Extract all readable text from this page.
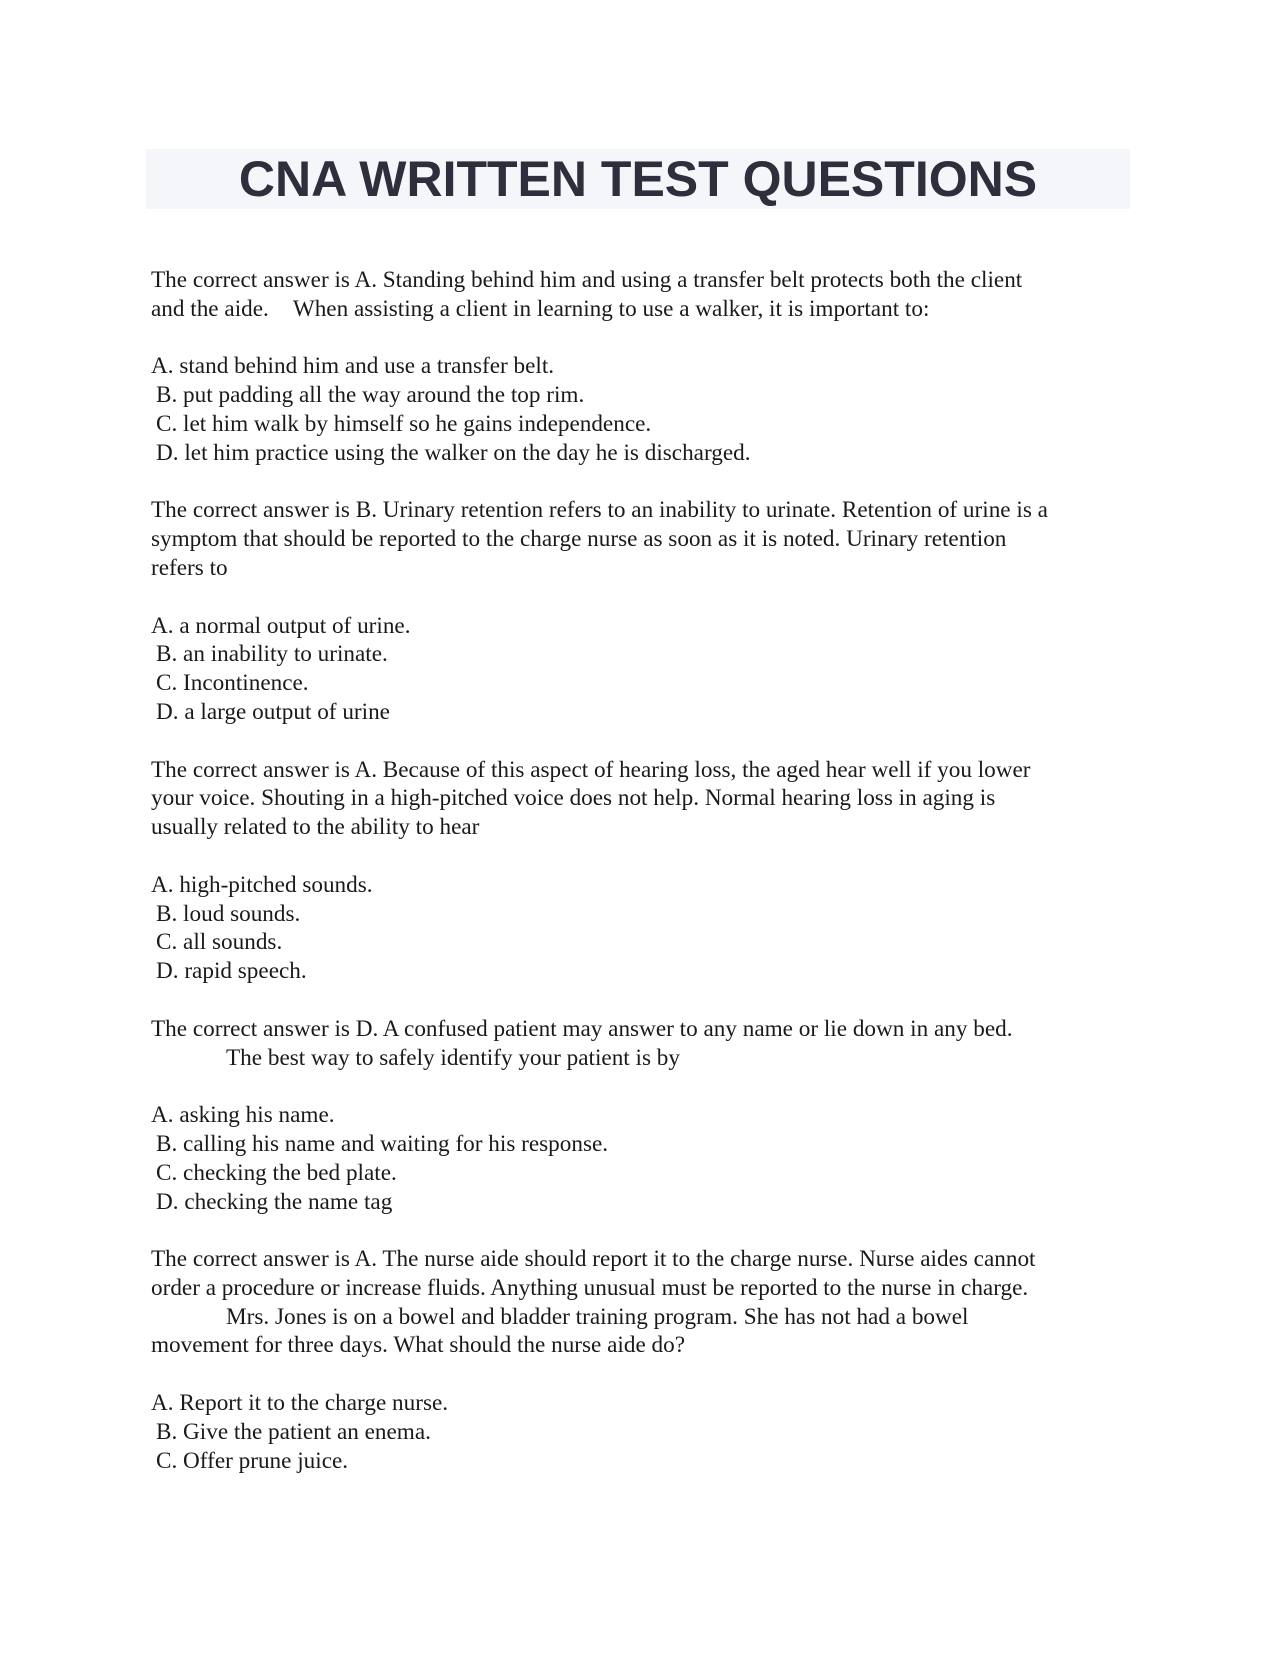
CNA WRITTEN TEST QUESTIONS
The correct answer is A. Standing behind him and using a transfer belt protects both the client
and the aide. When assisting a client in learning to use a walker, it is important to:
A. stand behind him and use a transfer belt.
B. put padding all the way around the top rim.
C. let him walk by himself so he gains independence.
D. let him practice using the walker on the day he is discharged.
The correct answer is B. Urinary retention refers to an inability to urinate. Retention of urine is a
symptom that should be reported to the charge nurse as soon as it is noted. Urinary retention
refers to
A. a normal output of urine.
B. an inability to urinate.
C. Incontinence.
D. a large output of urine
The correct answer is A. Because of this aspect of hearing loss, the aged hear well if you lower
your voice. Shouting in a high-pitched voice does not help. Normal hearing loss in aging is
usually related to the ability to hear
A. high-pitched sounds.
B. loud sounds.
C. all sounds.
D. rapid speech.
The correct answer is D. A confused patient may answer to any name or lie down in any bed.
The best way to safely identify your patient is by
A. asking his name.
B. calling his name and waiting for his response.
C. checking the bed plate.
D. checking the name tag
The correct answer is A. The nurse aide should report it to the charge nurse. Nurse aides cannot
order a procedure or increase fluids. Anything unusual must be reported to the nurse in charge.
Mrs. Jones is on a bowel and bladder training program. She has not had a bowel
movement for three days. What should the nurse aide do?
A. Report it to the charge nurse.
B. Give the patient an enema.
C. Offer prune juice.
